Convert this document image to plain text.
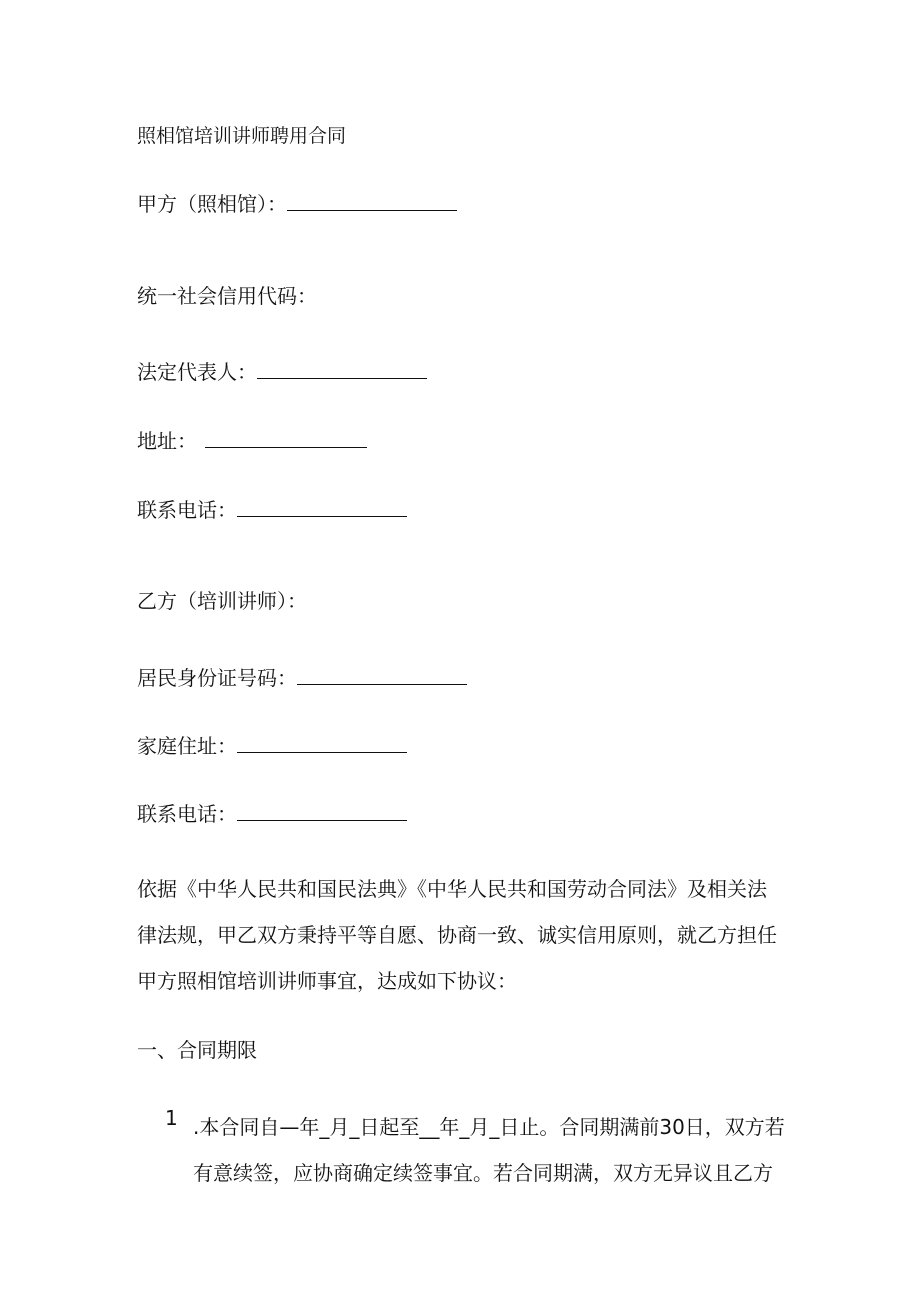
照相馆培训讲师聘用合同
甲方（照相馆）：
统一社会信用代码：
法定代表人：
地址：
联系电话：
乙方（培训讲师）：
居民身份证号码：
家庭住址：
联系电话：
依据《中华人民共和国民法典》《中华人民共和国劳动合同法》及相关法
律法规，甲乙双方秉持平等自愿、协商一致、诚实信用原则，就乙方担任
甲方照相馆培训讲师事宜，达成如下协议：
一、合同期限
1 .本合同自—年_月_日起至__年_月_日止。合同期满前30日，双方若
有意续签，应协商确定续签事宜。若合同期满，双方无异议且乙方
